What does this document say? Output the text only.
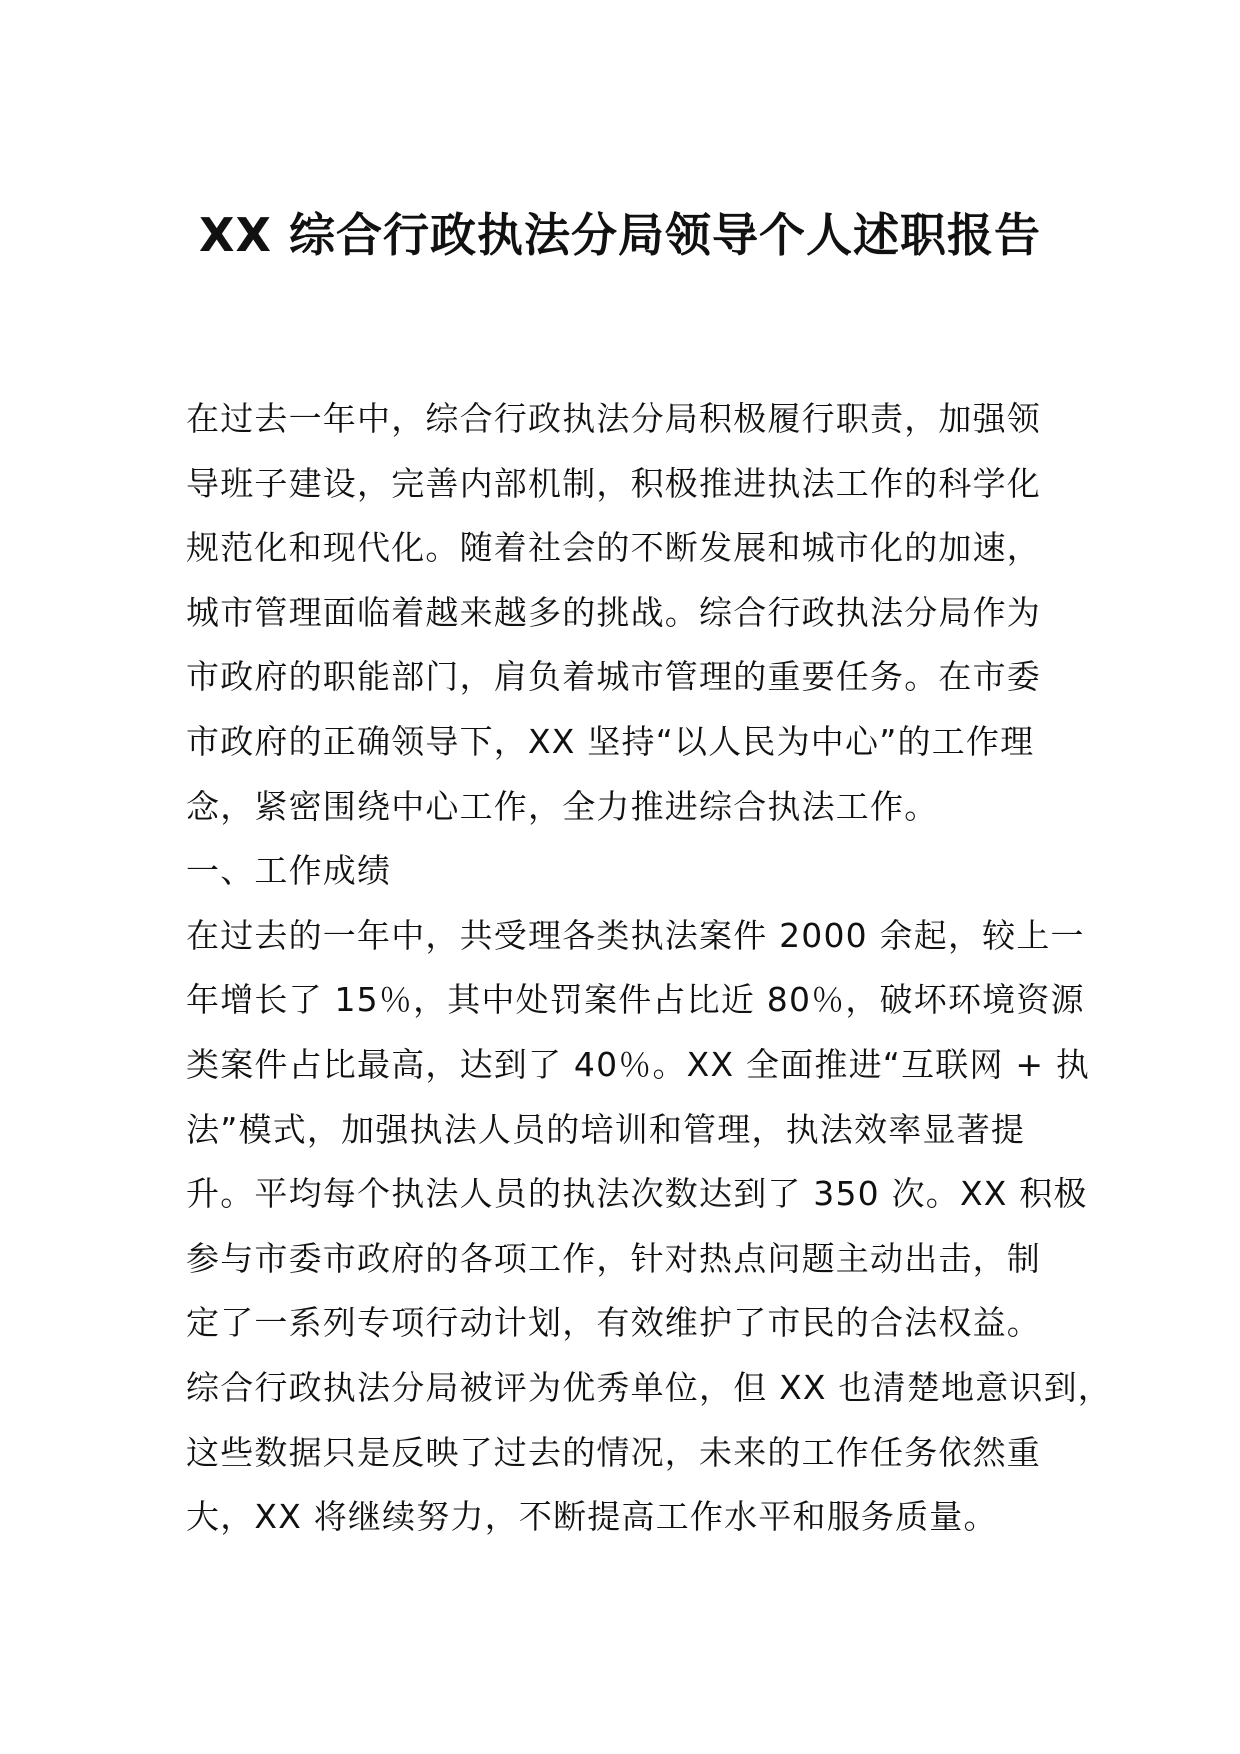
XX 综合行政执法分局领导个人述职报告
在过去一年中，综合行政执法分局积极履行职责，加强领
导班子建设，完善内部机制，积极推进执法工作的科学化
规范化和现代化。随着社会的不断发展和城市化的加速，
城市管理面临着越来越多的挑战。综合行政执法分局作为
市政府的职能部门，肩负着城市管理的重要任务。在市委
市政府的正确领导下，XX 坚持“以人民为中心”的工作理
念，紧密围绕中心工作，全力推进综合执法工作。
一、工作成绩
在过去的一年中，共受理各类执法案件 2000 余起，较上一
年增长了 15％，其中处罚案件占比近 80％，破坏环境资源
类案件占比最高，达到了 40％。XX 全面推进“互联网 + 执
法”模式，加强执法人员的培训和管理，执法效率显著提
升。平均每个执法人员的执法次数达到了 350 次。XX 积极
参与市委市政府的各项工作，针对热点问题主动出击，制
定了一系列专项行动计划，有效维护了市民的合法权益。
综合行政执法分局被评为优秀单位，但 XX 也清楚地意识到，
这些数据只是反映了过去的情况，未来的工作任务依然重
大，XX 将继续努力，不断提高工作水平和服务质量。
